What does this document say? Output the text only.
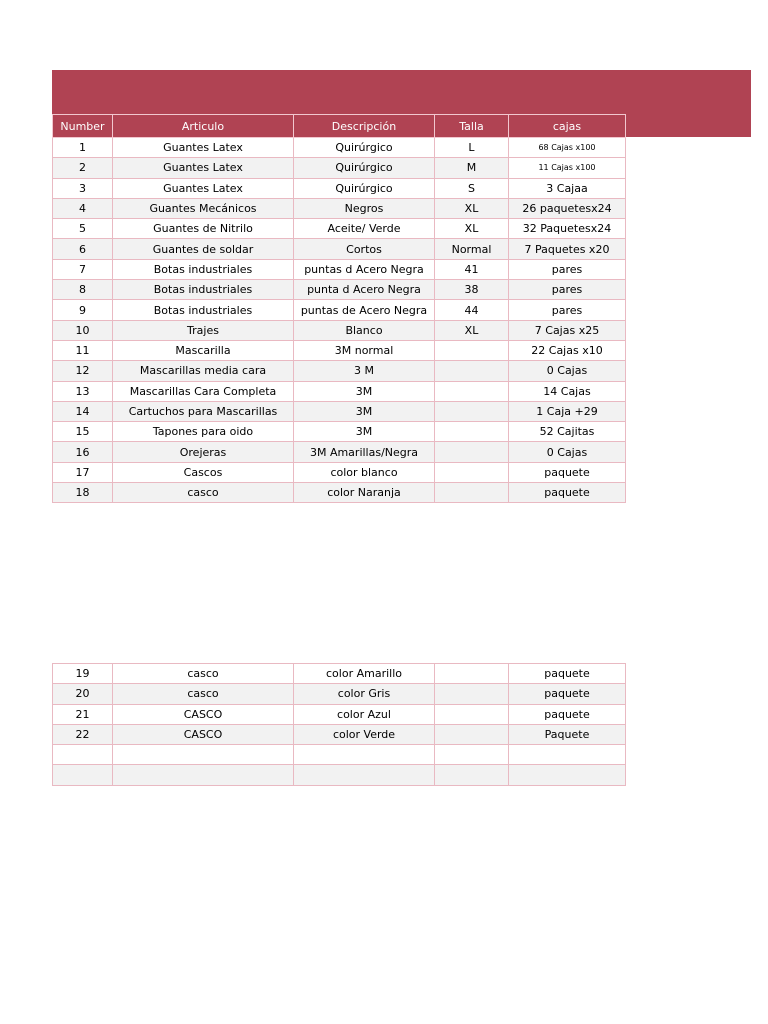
Number	Articulo	Descripción	Talla	cajas
1	Guantes Latex	Quirúrgico	L	68 Cajas x100
2	Guantes Latex	Quirúrgico	M	11 Cajas x100
3	Guantes Latex	Quirúrgico	S	3 Cajaa
4	Guantes Mecánicos	Negros	XL	26 paquetesx24
5	Guantes de Nitrilo	Aceite/ Verde	XL	32 Paquetesx24
6	Guantes de soldar	Cortos	Normal	7 Paquetes x20
7	Botas industriales	puntas d Acero Negra	41	pares
8	Botas industriales	punta d Acero Negra	38	pares
9	Botas industriales	puntas de Acero Negra	44	pares
10	Trajes	Blanco	XL	7 Cajas x25
11	Mascarilla	3M normal		22 Cajas x10
12	Mascarillas media cara	3 M		0 Cajas
13	Mascarillas Cara Completa	3M		14 Cajas
14	Cartuchos para Mascarillas	3M		1 Caja +29
15	Tapones para oido	3M		52 Cajitas
16	Orejeras	3M Amarillas/Negra		0 Cajas
17	Cascos	color blanco		paquete
18	casco	color Naranja		paquete
19	casco	color Amarillo		paquete
20	casco	color Gris		paquete
21	CASCO	color Azul		paquete
22	CASCO	color Verde		Paquete
